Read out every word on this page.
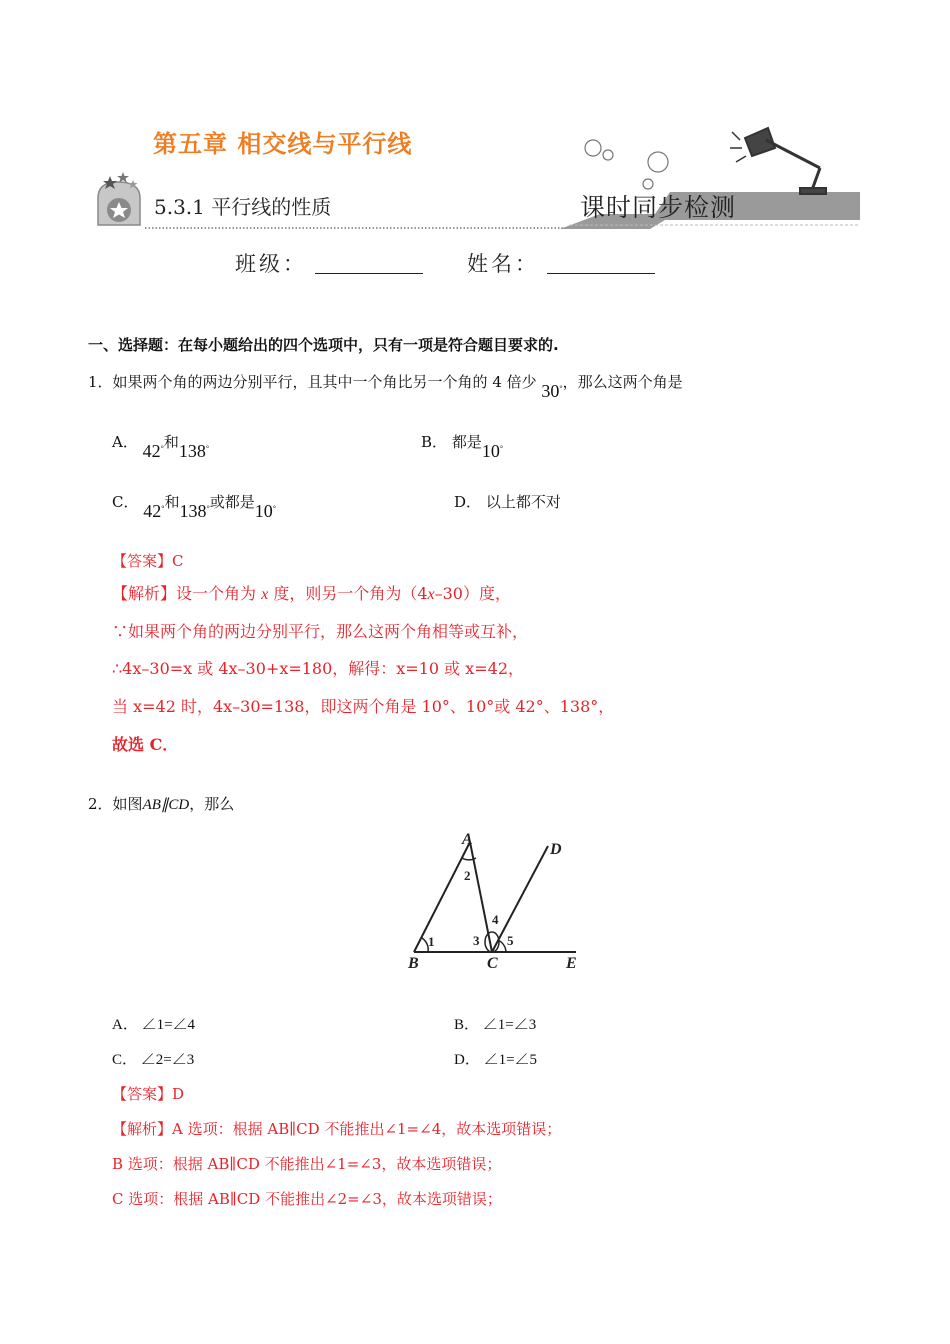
第五章 相交线与平行线
5.3.1 平行线的性质	课时同步检测
班级：	姓名：
一、选择题：在每小题给出的四个选项中，只有一项是符合题目要求的.
1．如果两个角的两边分别平行，且其中一个角比另一个角的 4 倍少 30°，那么这两个角是
A． 42°和138°	B． 都是10°
C． 42°和138°或都是10°	D． 以上都不对
【答案】C
【解析】设一个角为 x 度，则另一个角为（4x–30）度，
∵如果两个角的两边分别平行，那么这两个角相等或互补，
∴4x–30=x 或 4x–30+x=180，解得：x=10 或 x=42，
当 x=42 时，4x–30=138，即这两个角是 10°、10°或 42°、138°，
故选 C．
2．如图AB∥CD，那么
A
B	C
D
E
1
2
3
4
5
A． ∠1=∠4	B． ∠1=∠3
C． ∠2=∠3	D． ∠1=∠5
【答案】D
【解析】A 选项：根据 AB∥CD 不能推出∠1=∠4，故本选项错误；
B 选项：根据 AB∥CD 不能推出∠1=∠3，故本选项错误；
C 选项：根据 AB∥CD 不能推出∠2=∠3，故本选项错误；
